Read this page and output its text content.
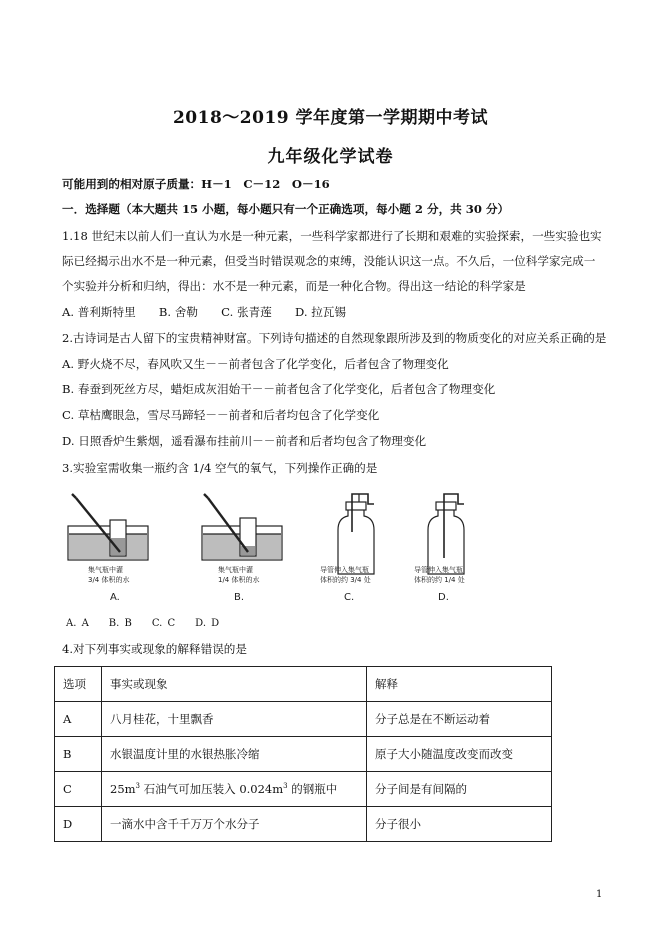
2018～2019 学年度第一学期期中考试
九年级化学试卷
可能用到的相对原子质量：H－1　C－12　O－16
一．选择题（本大题共 15 小题，每小题只有一个正确选项，每小题 2 分，共 30 分）
1.18 世纪末以前人们一直认为水是一种元素，一些科学家都进行了长期和艰难的实验探索，一些实验也实
际已经揭示出水不是一种元素，但受当时错误观念的束缚，没能认识这一点。不久后，一位科学家完成一
个实验并分析和归纳，得出：水不是一种元素，而是一种化合物。得出这一结论的科学家是
A. 普利斯特里　　B. 舍勒　　C. 张青莲　　D. 拉瓦锡
2.古诗词是古人留下的宝贵精神财富。下列诗句描述的自然现象跟所涉及到的物质变化的对应关系正确的是
A. 野火烧不尽，春风吹又生－－前者包含了化学变化，后者包含了物理变化
B. 春蚕到死丝方尽，蜡炬成灰泪始干－－前者包含了化学变化，后者包含了物理变化
C. 草枯鹰眼急，雪尽马蹄轻－－前者和后者均包含了化学变化
D. 日照香炉生紫烟，遥看瀑布挂前川－－前者和后者均包含了物理变化
3.实验室需收集一瓶约含 1/4 空气的氧气，下列操作正确的是
集气瓶中灌
3/4 体积的水
A.
集气瓶中灌
1/4 体积的水
B.
导管伸入集气瓶
体积的约 3/4 处
C.
导管伸入集气瓶
体积的约 1/4 处
D.
A. A　　B. B　　C. C　　D. D
4.对下列事实或现象的解释错误的是
选项	事实或现象	解释
A	八月桂花，十里飘香	分子总是在不断运动着
B	水银温度计里的水银热胀冷缩	原子大小随温度改变而改变
C	$25m^3$ 石油气可加压装入 $0.024m^3$ 的钢瓶中	分子间是有间隔的
D	一滴水中含千千万万个水分子	分子很小
1
